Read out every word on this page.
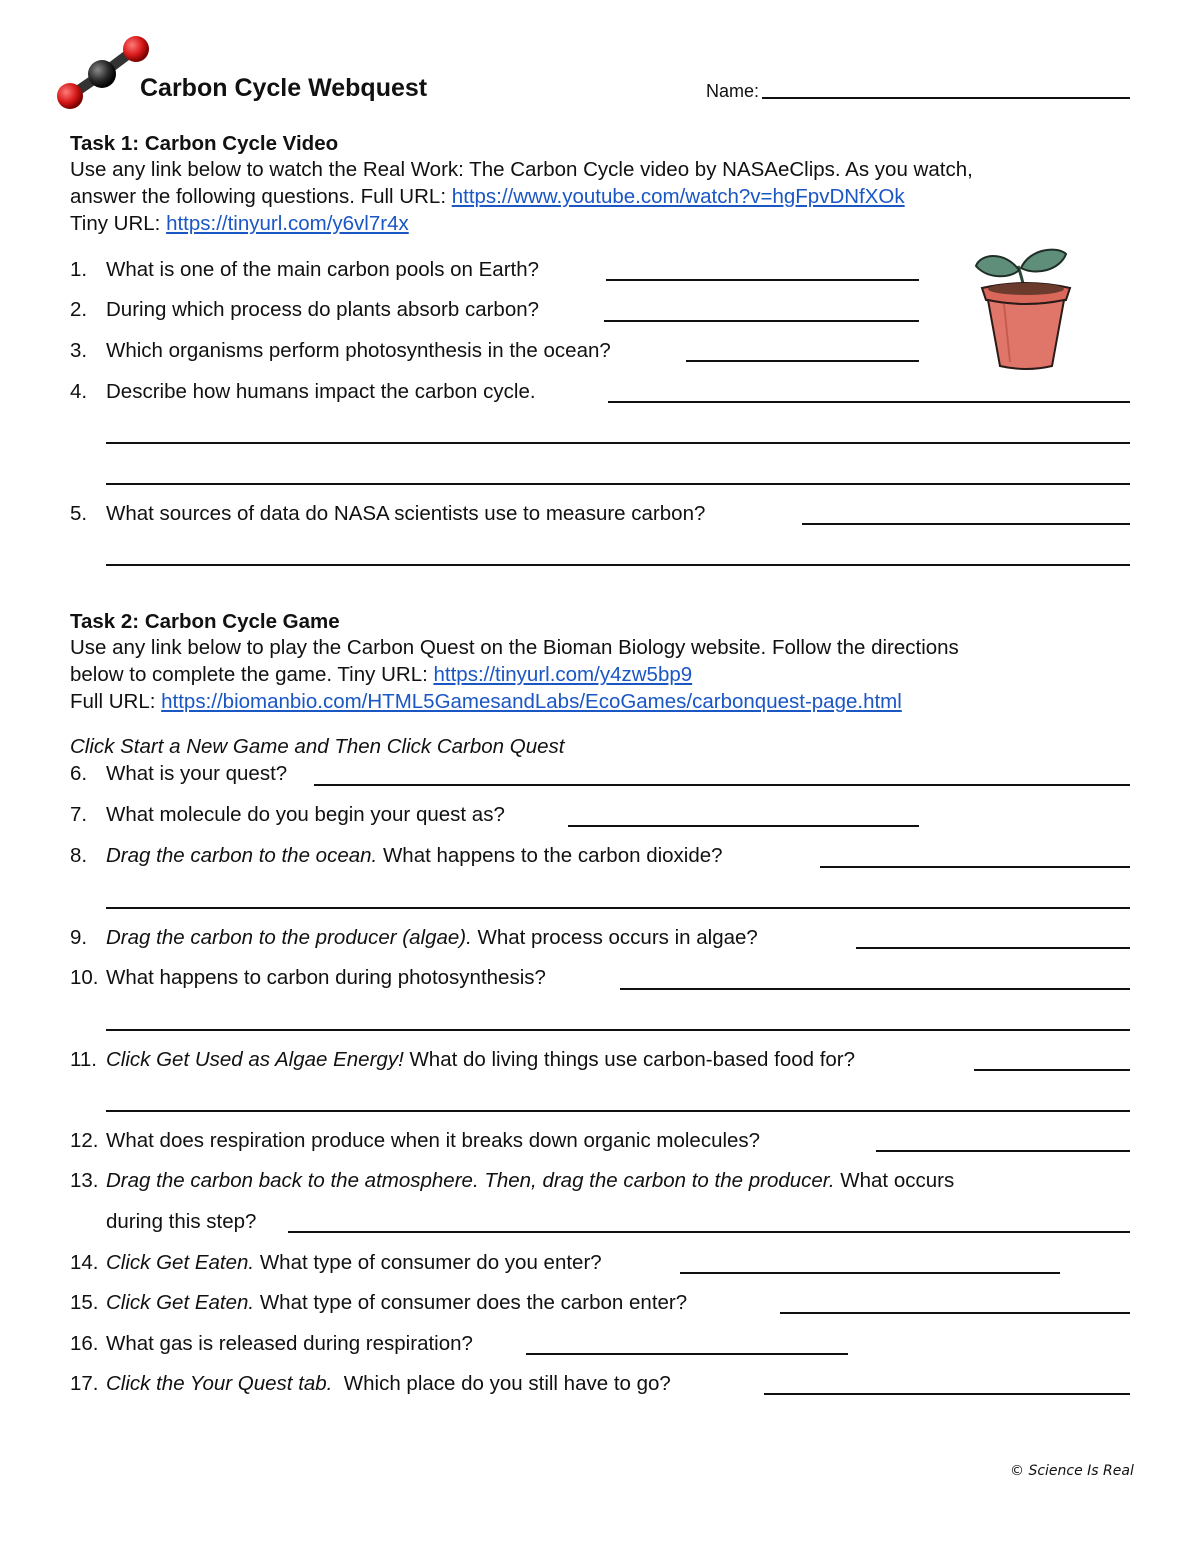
Carbon Cycle Webquest	Name:
Task 1: Carbon Cycle Video
Use any link below to watch the Real Work: The Carbon Cycle video by NASAeClips. As you watch,
answer the following questions. Full URL: https://www.youtube.com/watch?v=hgFpvDNfXOk
Tiny URL: https://tinyurl.com/y6vl7r4x
1. What is one of the main carbon pools on Earth?
2. During which process do plants absorb carbon?
3. Which organisms perform photosynthesis in the ocean?
4. Describe how humans impact the carbon cycle.
5. What sources of data do NASA scientists use to measure carbon?
Task 2: Carbon Cycle Game
Use any link below to play the Carbon Quest on the Bioman Biology website. Follow the directions
below to complete the game. Tiny URL: https://tinyurl.com/y4zw5bp9
Full URL: https://biomanbio.com/HTML5GamesandLabs/EcoGames/carbonquest-page.html
Click Start a New Game and Then Click Carbon Quest
6. What is your quest?
7. What molecule do you begin your quest as?
8. Drag the carbon to the ocean. What happens to the carbon dioxide?
9. Drag the carbon to the producer (algae). What process occurs in algae?
10. What happens to carbon during photosynthesis?
11. Click Get Used as Algae Energy! What do living things use carbon-based food for?
12. What does respiration produce when it breaks down organic molecules?
13. Drag the carbon back to the atmosphere. Then, drag the carbon to the producer. What occurs
during this step?
14. Click Get Eaten. What type of consumer do you enter?
15. Click Get Eaten. What type of consumer does the carbon enter?
16. What gas is released during respiration?
17. Click the Your Quest tab.  Which place do you still have to go?
© Science Is Real
